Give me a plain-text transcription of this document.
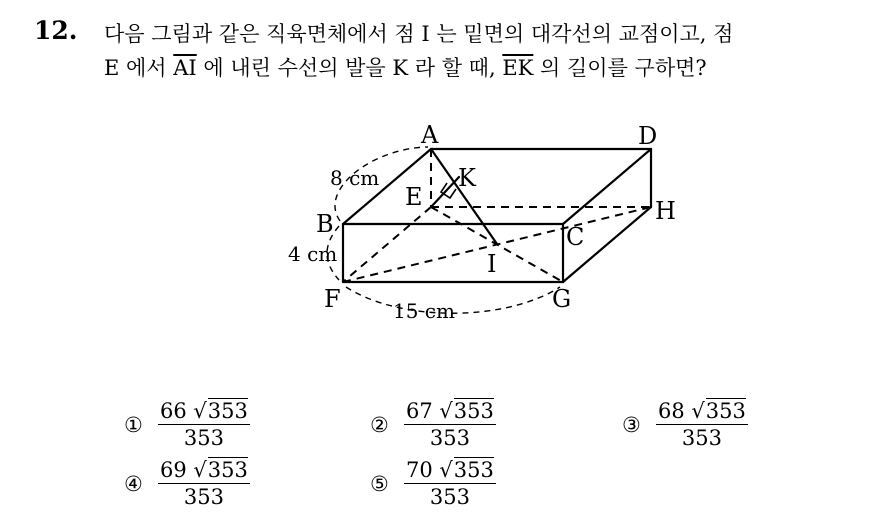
12. 다음 그림과 같은 직육면체에서 점 I 는 밑면의 대각선의 교점이고, 점
E 에서 $\overline{AI}$ 에 내린 수선의 발을 K 라 할 때, $\overline{EK}$ 의 길이를 구하면?
A	D
K
E	H
B	C
I
F	G
8 cm
4 cm
15 cm
① $\frac{66 √353}{353}$	② $\frac{67 √353}{353}$	③ $\frac{68 √353}{353}$
④ $\frac{69 √353}{353}$	⑤ $\frac{70 √353}{353}$
